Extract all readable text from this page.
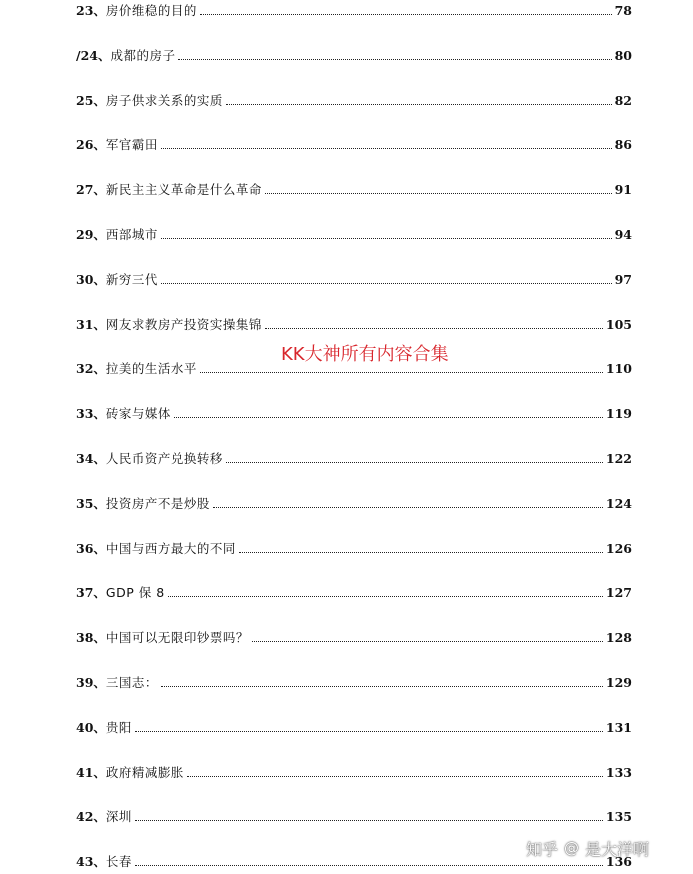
23、房价维稳的目的	78
/24、成都的房子	80
25、房子供求关系的实质	82
26、军官霸田	86
27、新民主主义革命是什么革命	91
29、西部城市	94
30、新穷三代	97
31、网友求教房产投资实操集锦	105
32、拉美的生活水平	110
33、砖家与媒体	119
34、人民币资产兑换转移	122
35、投资房产不是炒股	124
36、中国与西方最大的不同	126
37、GDP 保 8	127
38、中国可以无限印钞票吗？	128
39、三国志：	129
40、贵阳	131
41、政府精减膨胀	133
42、深圳	135
43、长春	136
KK大神所有内容合集
知乎 @ 是大洋啊
